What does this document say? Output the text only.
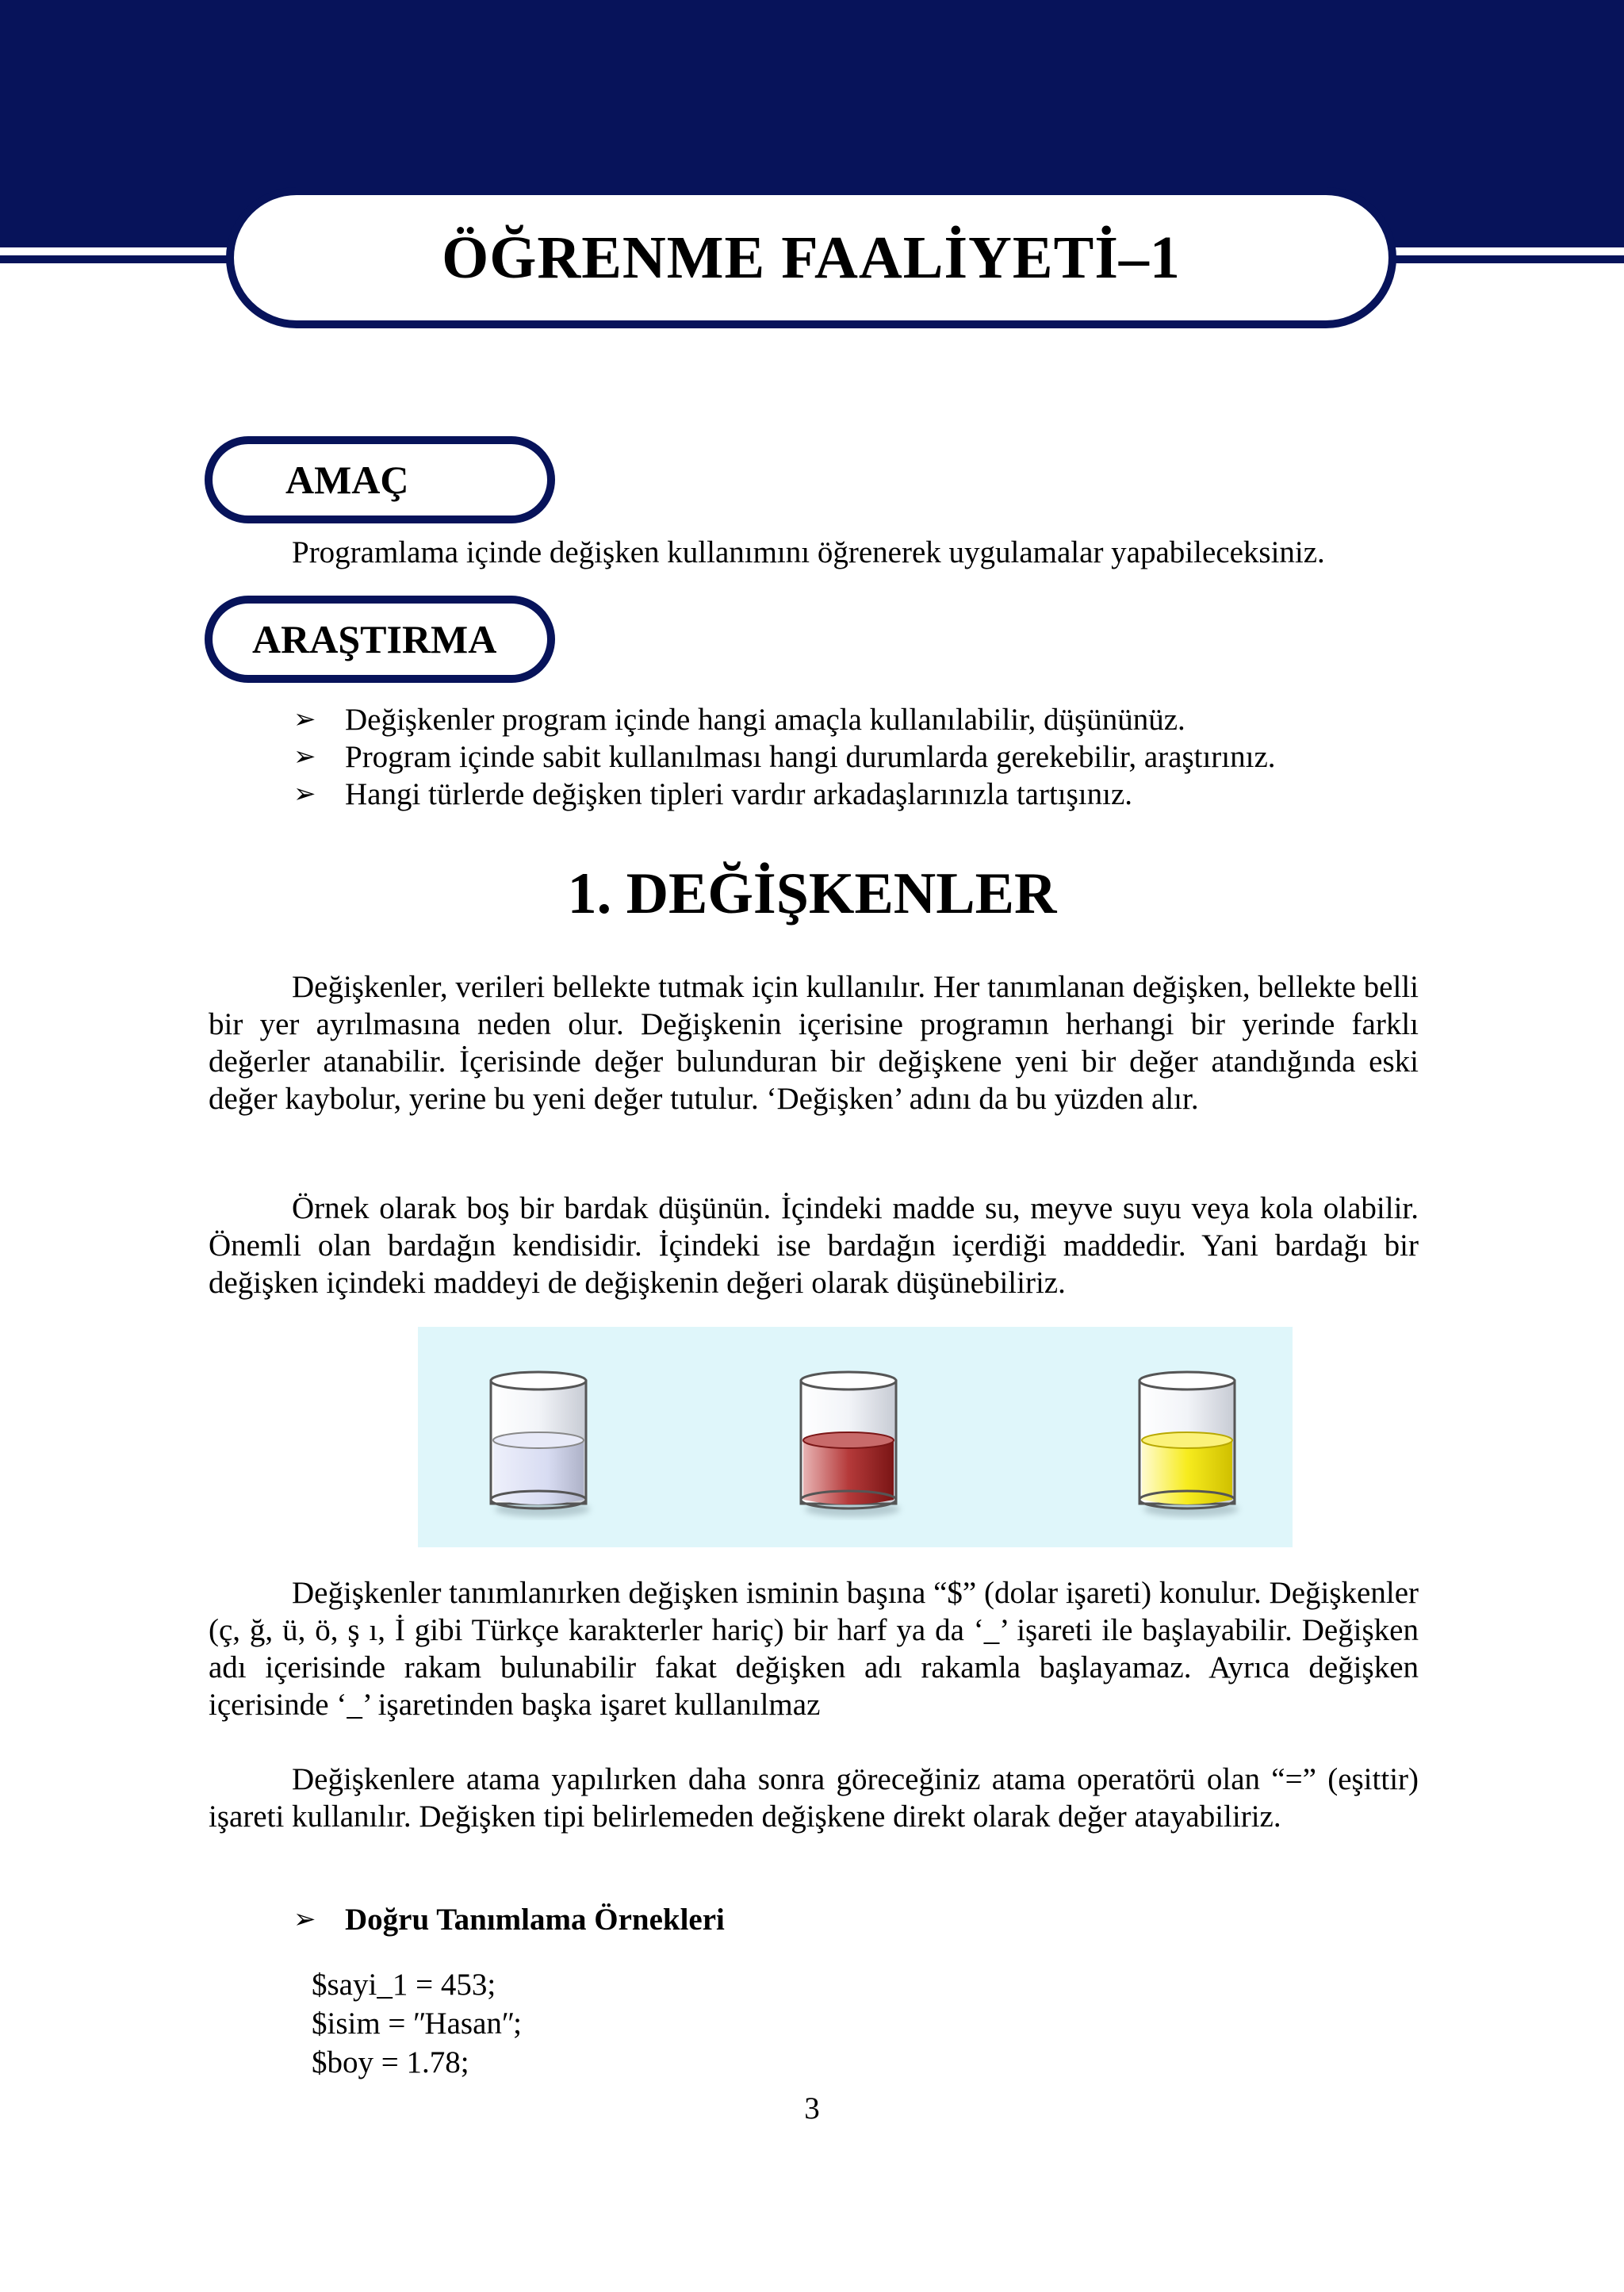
ÖĞRENME FAALİYETİ–1
AMAÇ
Programlama içinde değişken kullanımını öğrenerek uygulamalar yapabileceksiniz.
ARAŞTIRMA
➢ Değişkenler program içinde hangi amaçla kullanılabilir, düşününüz.
➢ Program içinde sabit kullanılması hangi durumlarda gerekebilir, araştırınız.
➢ Hangi türlerde değişken tipleri vardır arkadaşlarınızla tartışınız.
1. DEĞİŞKENLER
Değişkenler, verileri bellekte tutmak için kullanılır. Her tanımlanan değişken, bellekte belli bir yer ayrılmasına neden olur. Değişkenin içerisine programın herhangi bir yerinde farklı değerler atanabilir. İçerisinde değer bulunduran bir değişkene yeni bir değer atandığında eski değer kaybolur, yerine bu yeni değer tutulur. ‘Değişken’ adını da bu yüzden alır.
Örnek olarak boş bir bardak düşünün. İçindeki madde su, meyve suyu veya kola olabilir. Önemli olan bardağın kendisidir. İçindeki ise bardağın içerdiği maddedir. Yani bardağı bir değişken içindeki maddeyi de değişkenin değeri olarak düşünebiliriz.
Değişkenler tanımlanırken değişken isminin başına “$” (dolar işareti) konulur. Değişkenler (ç, ğ, ü, ö, ş ı, İ gibi Türkçe karakterler hariç) bir harf ya da ‘_’ işareti ile başlayabilir. Değişken adı içerisinde rakam bulunabilir fakat değişken adı rakamla başlayamaz. Ayrıca değişken içerisinde ‘_’ işaretinden başka işaret kullanılmaz
Değişkenlere atama yapılırken daha sonra göreceğiniz atama operatörü olan “=” (eşittir) işareti kullanılır. Değişken tipi belirlemeden değişkene direkt olarak değer atayabiliriz.
➢ Doğru Tanımlama Örnekleri
$sayi_1 = 453;
$isim = ʺHasanʺ;
$boy = 1.78;
3
